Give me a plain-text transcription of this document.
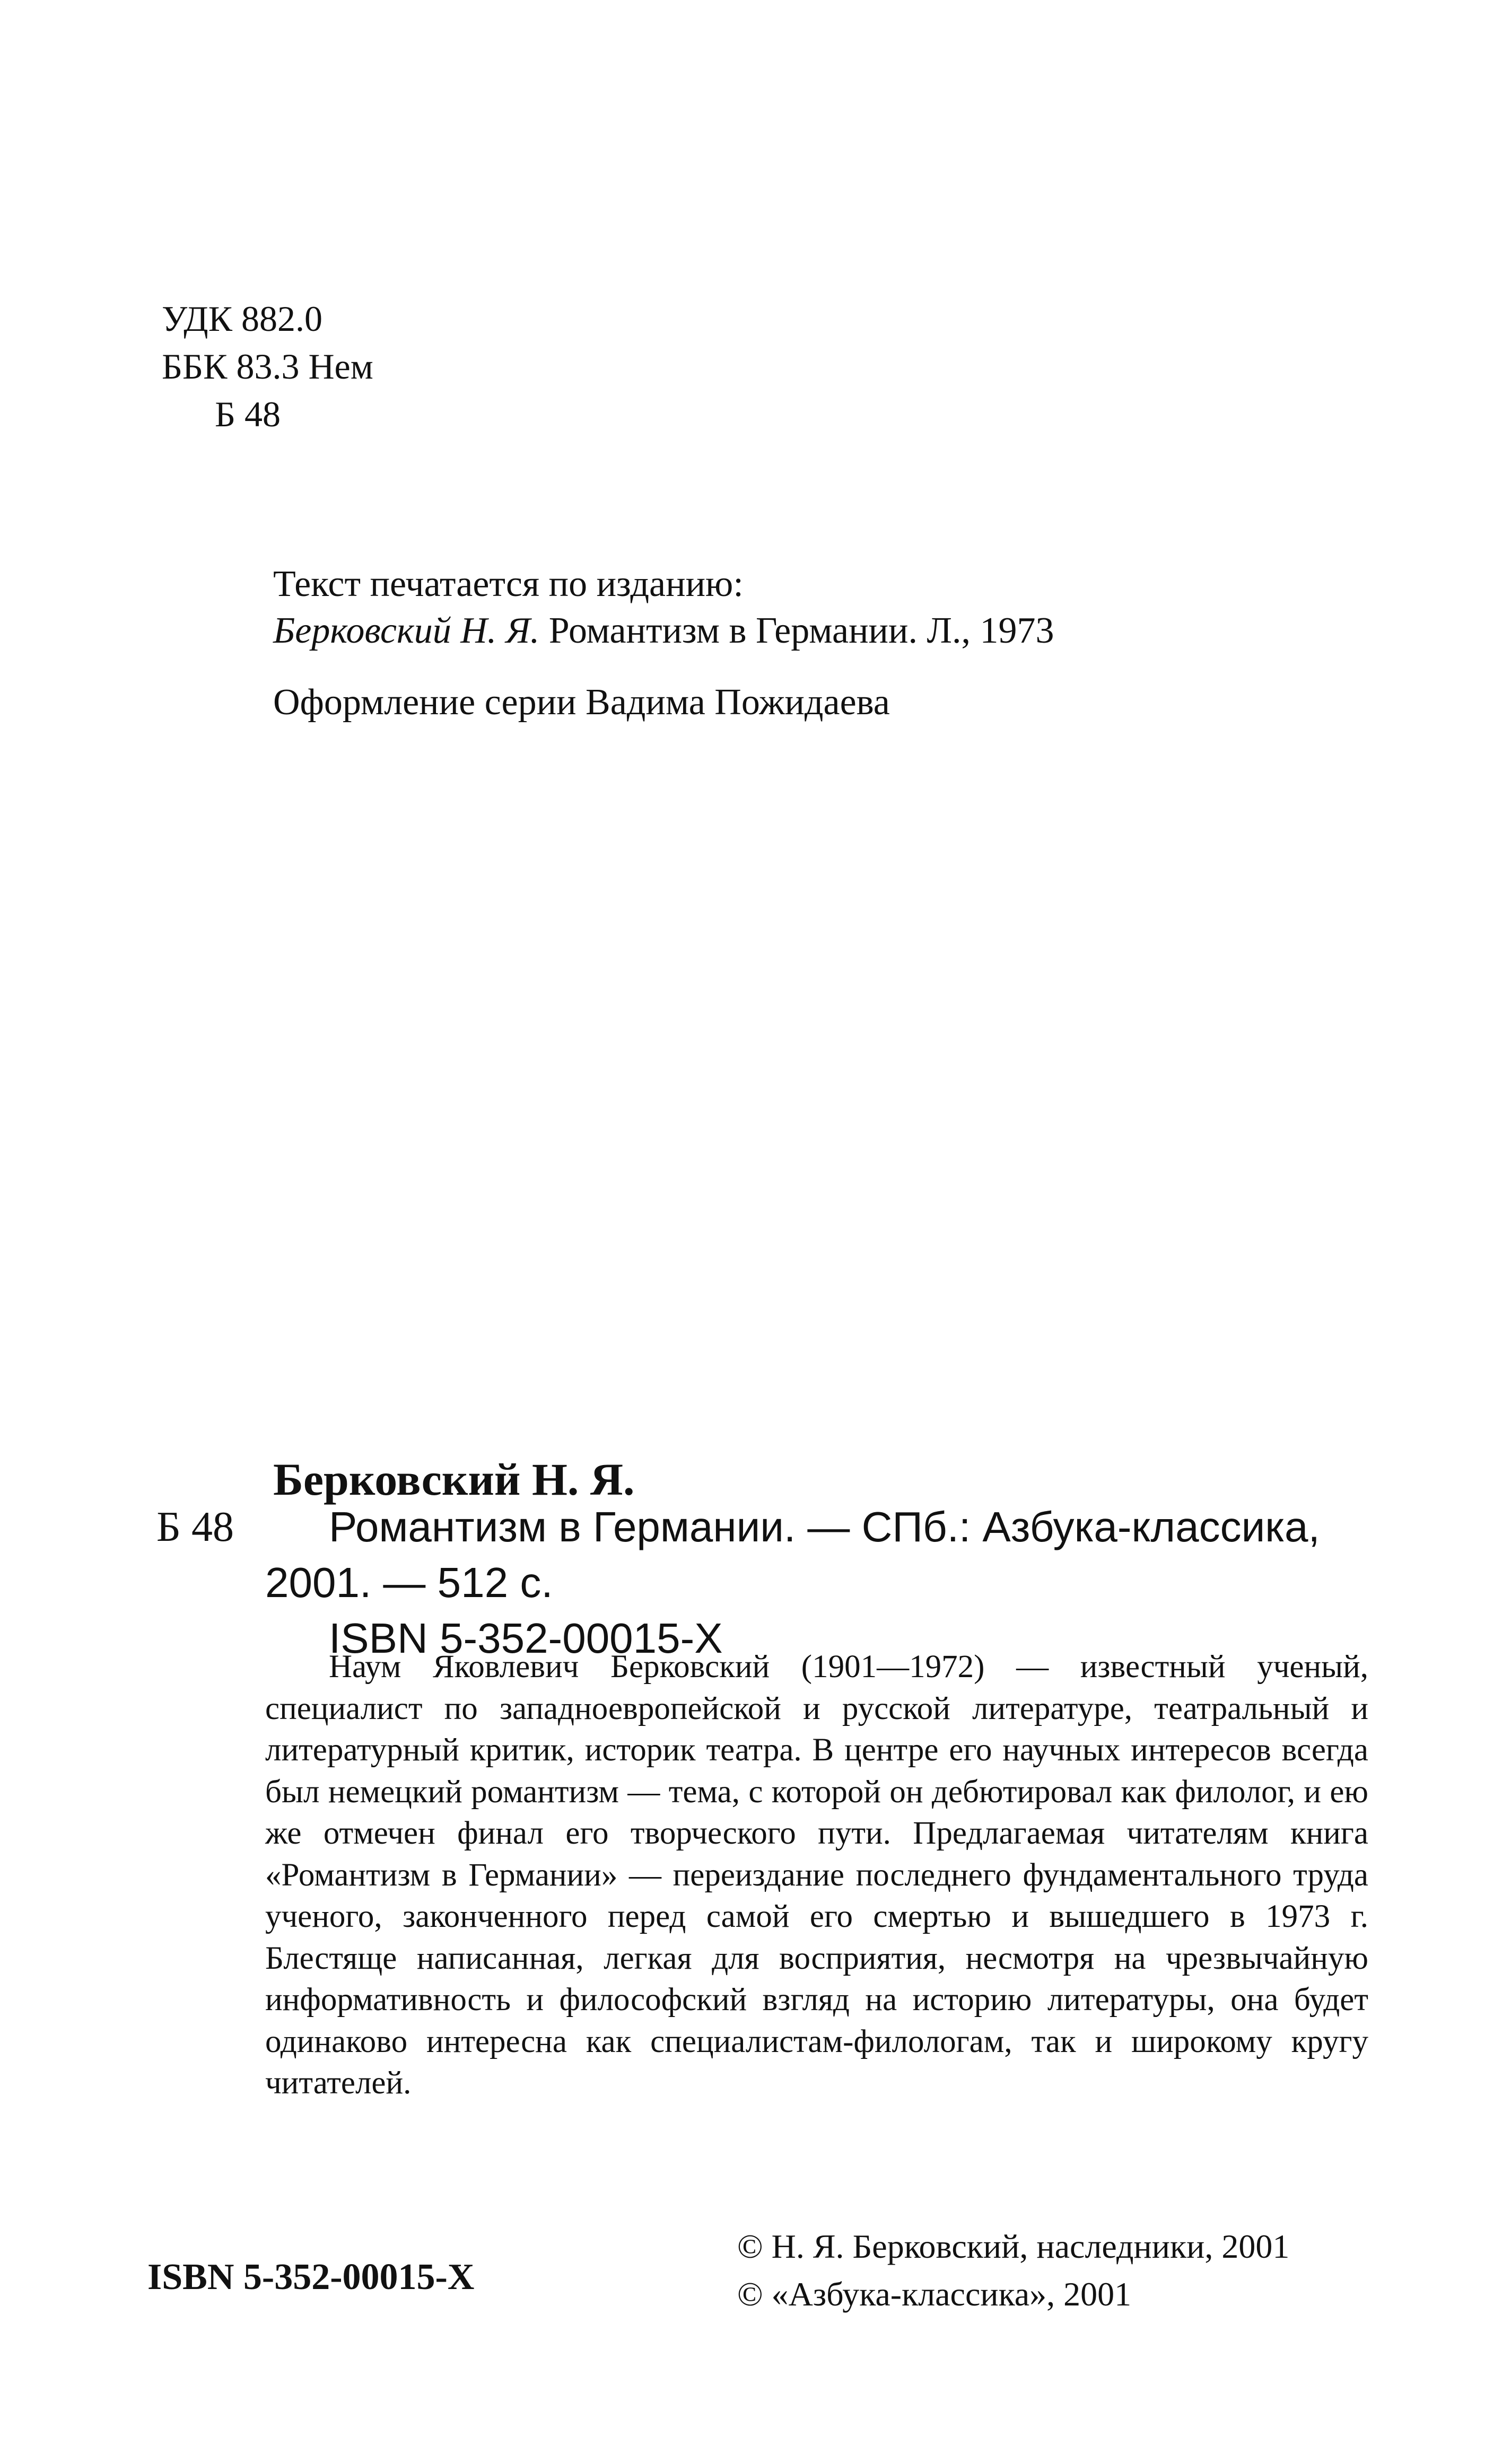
УДК 882.0
ББК 83.3 Нем
Б 48
Текст печатается по изданию:
Берковский Н. Я. Романтизм в Германии. Л., 1973
Оформление серии Вадима Пожидаева
Берковский Н. Я.
Б 48 Романтизм в Германии. — СПб.: Азбука-классика,
2001. — 512 с.
ISBN 5-352-00015-X

Наум Яковлевич Берковский (1901—1972) — известный ученый, специалист по западноевропейской и русской литературе, театральный и литературный критик, историк театра. В центре его научных интересов всегда был немецкий романтизм — тема, с которой он дебютировал как филолог, и ею же отмечен финал его творческого пути. Предлагаемая читателям книга «Романтизм в Германии» — переиздание последнего фундаментального труда ученого, законченного перед самой его смертью и вышедшего в 1973 г. Блестяще написанная, легкая для восприятия, несмотря на чрезвычайную информативность и философский взгляд на историю литературы, она будет одинаково интересна как специалистам-филологам, так и широкому кругу читателей.

ISBN 5-352-00015-X
© Н. Я. Берковский, наследники, 2001
© «Азбука-классика», 2001
